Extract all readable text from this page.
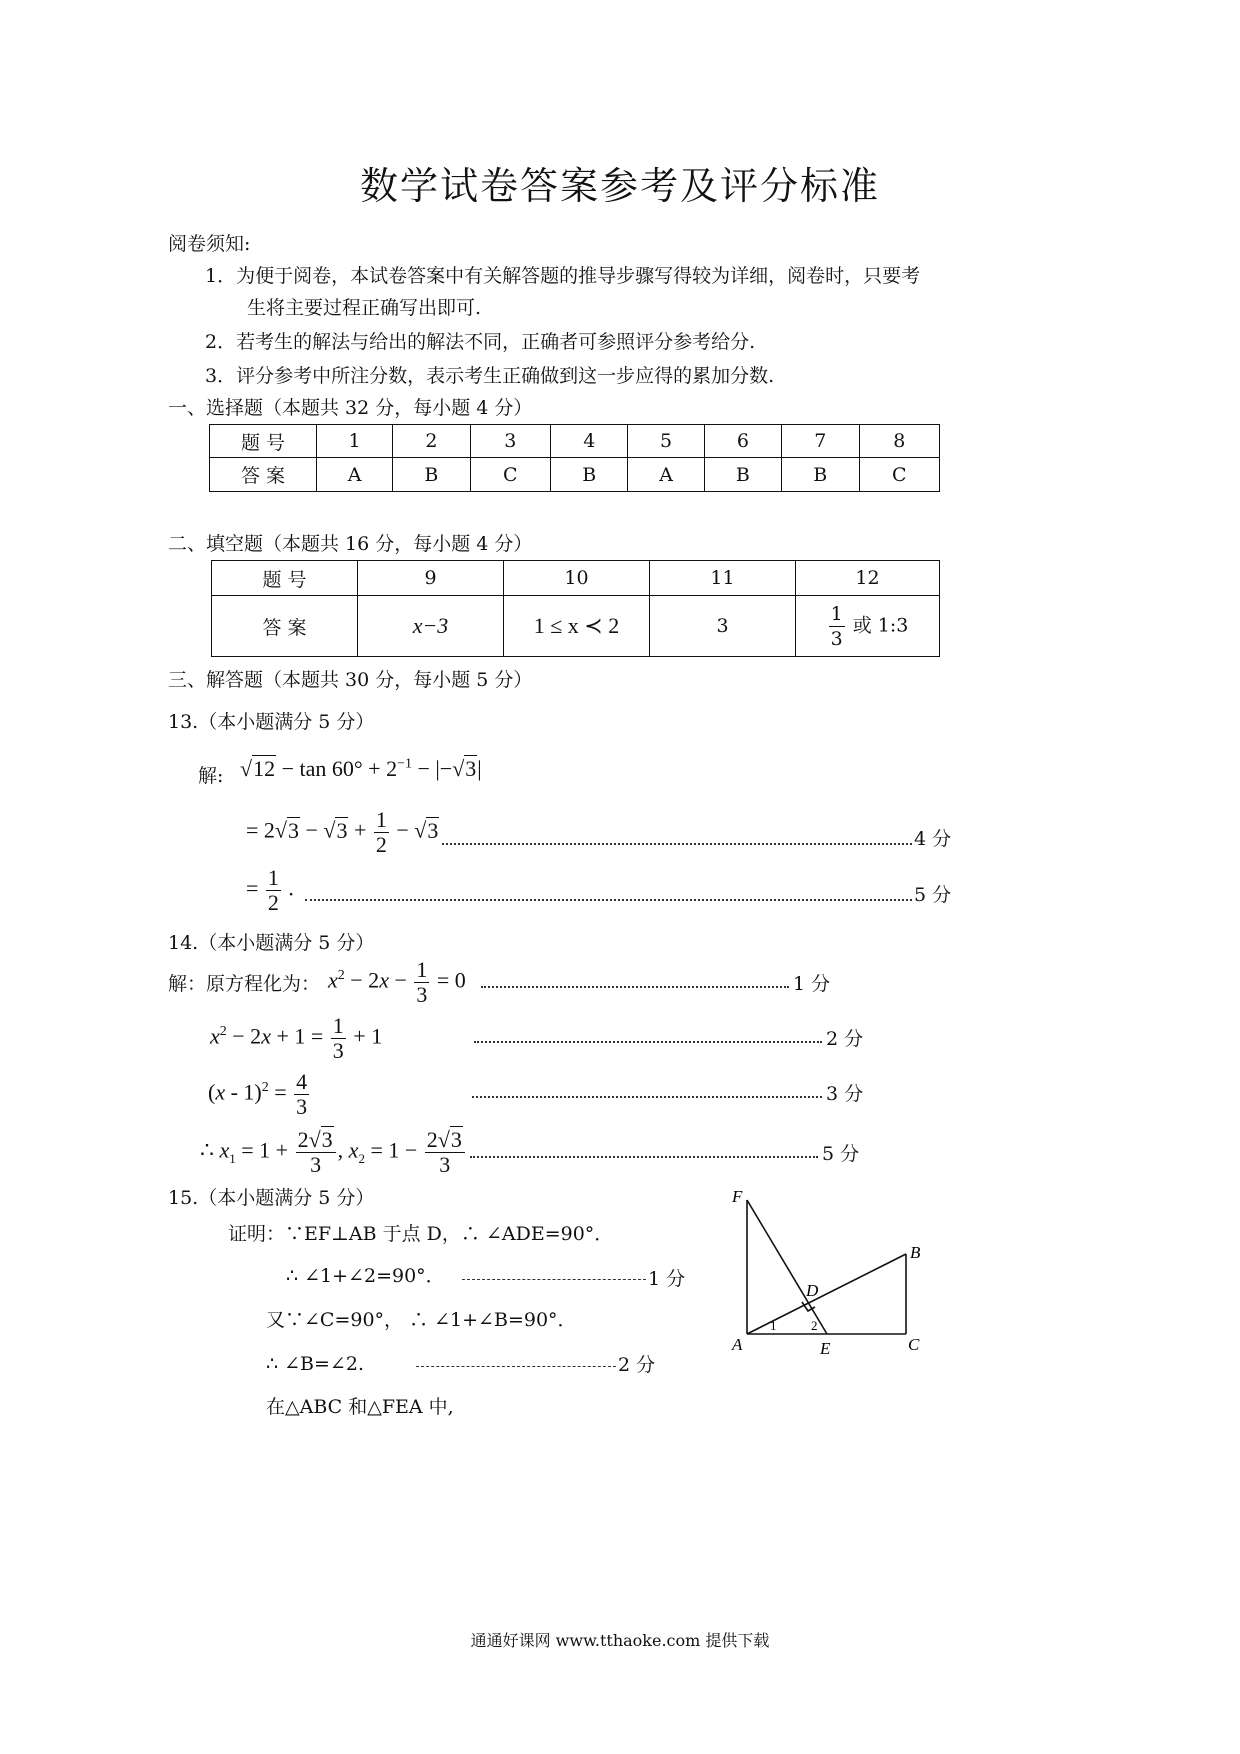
数学试卷答案参考及评分标准
阅卷须知:
1．为便于阅卷，本试卷答案中有关解答题的推导步骤写得较为详细，阅卷时，只要考
生将主要过程正确写出即可.
2．若考生的解法与给出的解法不同，正确者可参照评分参考给分.
3．评分参考中所注分数，表示考生正确做到这一步应得的累加分数.
一、选择题（本题共 32 分，每小题 4 分）
题 号	1	2	3	4	5	6	7	8
答 案	A	B	C	B	A	B	B	C
二、填空题（本题共 16 分，每小题 4 分）
题 号	9	10	11	12
答 案	x−3	1 ≤ x ≺ 2	3	$\frac{1}{3}$ 或 1:3
三、解答题（本题共 30 分，每小题 5 分）
13.（本小题满分 5 分）
解: $√12 - \tan 60^\circ + 2^{-1} - |-√3|$
= $2√3 - √3 + \frac{1}{2} - √3$	4 分
= $\frac{1}{2}$ .	5 分
14.（本小题满分 5 分）
解：原方程化为： $x^2 - 2x - \frac{1}{3} = 0$	1 分
$x^2 - 2x + 1 = \frac{1}{3} + 1$	2 分
$(x - 1)^2 = \frac{4}{3}$	3 分
∴ $x_1 = 1 + \frac{2√3}{3}$ , $x_2 = 1 - \frac{2√3}{3}$	5 分
15.（本小题满分 5 分）
证明：∵EF⊥AB 于点 D，∴ ∠ADE=90°．
∴ ∠1+∠2=90°．	1 分
又∵∠C=90°， ∴ ∠1+∠B=90°．
∴ ∠B=∠2.	2 分
在△ABC 和△FEA 中,
F
B
D
A	E	C
1	2
通通好课网 www.tthaoke.com 提供下载
